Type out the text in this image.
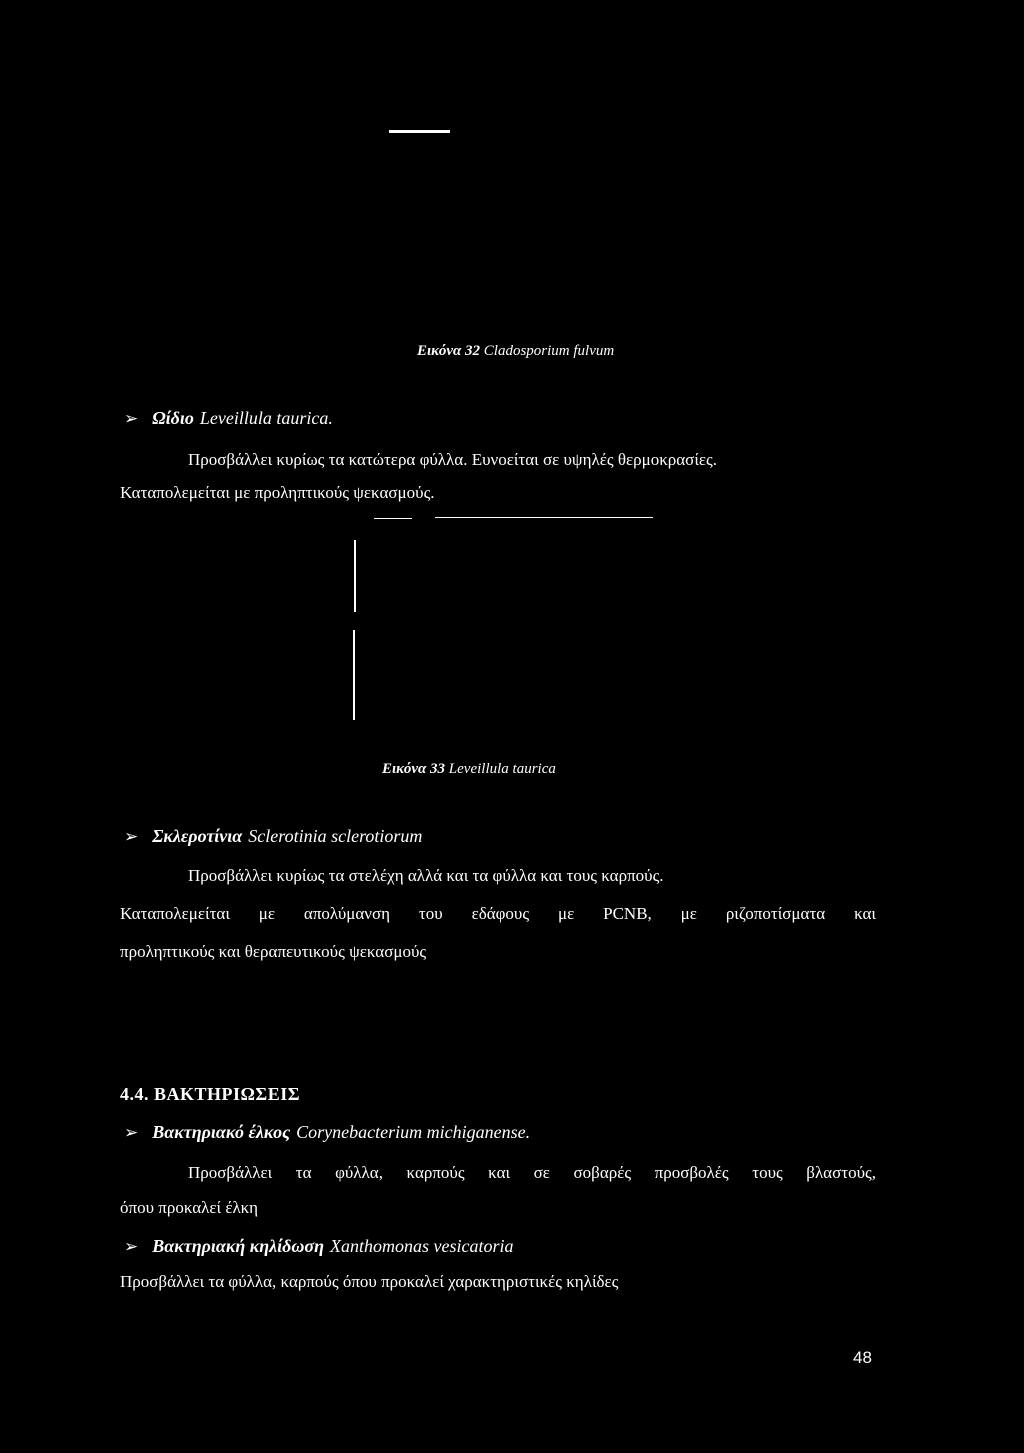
Εικόνα 32 Cladosporium fulvum
➢ Ωίδιο Leveillula taurica.
Προσβάλλει κυρίως τα κατώτερα φύλλα. Ευνοείται σε υψηλές θερμοκρασίες.
Καταπολεμείται με προληπτικούς ψεκασμούς.
Εικόνα 33 Leveillula taurica
➢ Σκλεροτίνια Sclerotinia sclerotiorum
Προσβάλλει κυρίως τα στελέχη αλλά και τα φύλλα και τους καρπούς.
Καταπολεμείται με απολύμανση του εδάφους με PCNB, με ριζοποτίσματα και
προληπτικούς και θεραπευτικούς ψεκασμούς
4.4. ΒΑΚΤΗΡΙΩΣΕΙΣ
➢ Βακτηριακό έλκος Corynebacterium michiganense.
Προσβάλλει τα φύλλα, καρπούς και σε σοβαρές προσβολές τους βλαστούς,
όπου προκαλεί έλκη
➢ Βακτηριακή κηλίδωση Xanthomonas vesicatoria
Προσβάλλει τα φύλλα, καρπούς όπου προκαλεί χαρακτηριστικές κηλίδες
48
